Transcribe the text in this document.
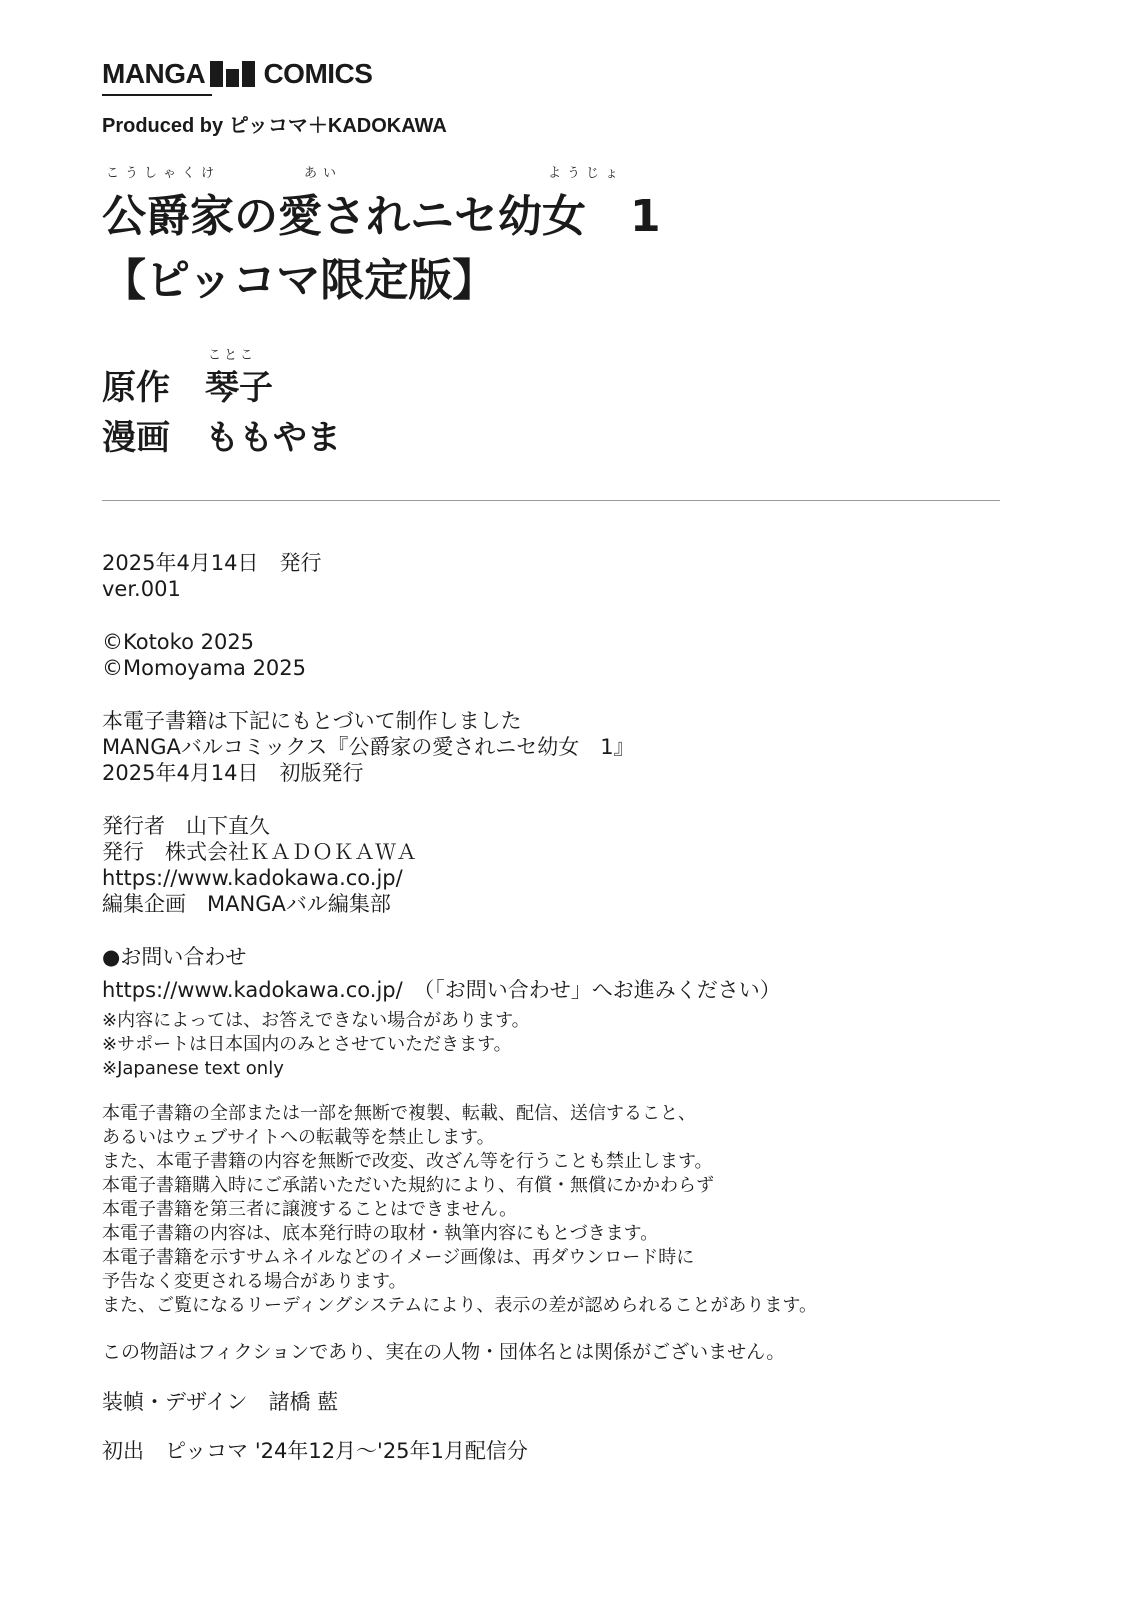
MANGA COMICS
Produced by ピッコマ＋KADOKAWA
こうしゃくけ	あい	ようじょ
公爵家の愛されニセ幼女　1
【ピッコマ限定版】
ことこ
原作 琴子
漫画 ももやま
2025年4月14日　発行
ver.001
©Kotoko 2025
©Momoyama 2025
本電子書籍は下記にもとづいて制作しました
MANGAバルコミックス『公爵家の愛されニセ幼女　1』
2025年4月14日　初版発行
発行者　山下直久
発行　株式会社ＫＡＤＯＫＡＷＡ
https://www.kadokawa.co.jp/
編集企画　MANGAバル編集部
●お問い合わせ
https://www.kadokawa.co.jp/　（「お問い合わせ」へお進みください）
※内容によっては、お答えできない場合があります。
※サポートは日本国内のみとさせていただきます。
※Japanese text only
本電子書籍の全部または一部を無断で複製、転載、配信、送信すること、
あるいはウェブサイトへの転載等を禁止します。
また、本電子書籍の内容を無断で改変、改ざん等を行うことも禁止します。
本電子書籍購入時にご承諾いただいた規約により、有償・無償にかかわらず
本電子書籍を第三者に譲渡することはできません。
本電子書籍の内容は、底本発行時の取材・執筆内容にもとづきます。
本電子書籍を示すサムネイルなどのイメージ画像は、再ダウンロード時に
予告なく変更される場合があります。
また、ご覧になるリーディングシステムにより、表示の差が認められることがあります。
この物語はフィクションであり、実在の人物・団体名とは関係がございません。
装幀・デザイン　諸橋 藍
初出　ピッコマ '24年12月～'25年1月配信分
